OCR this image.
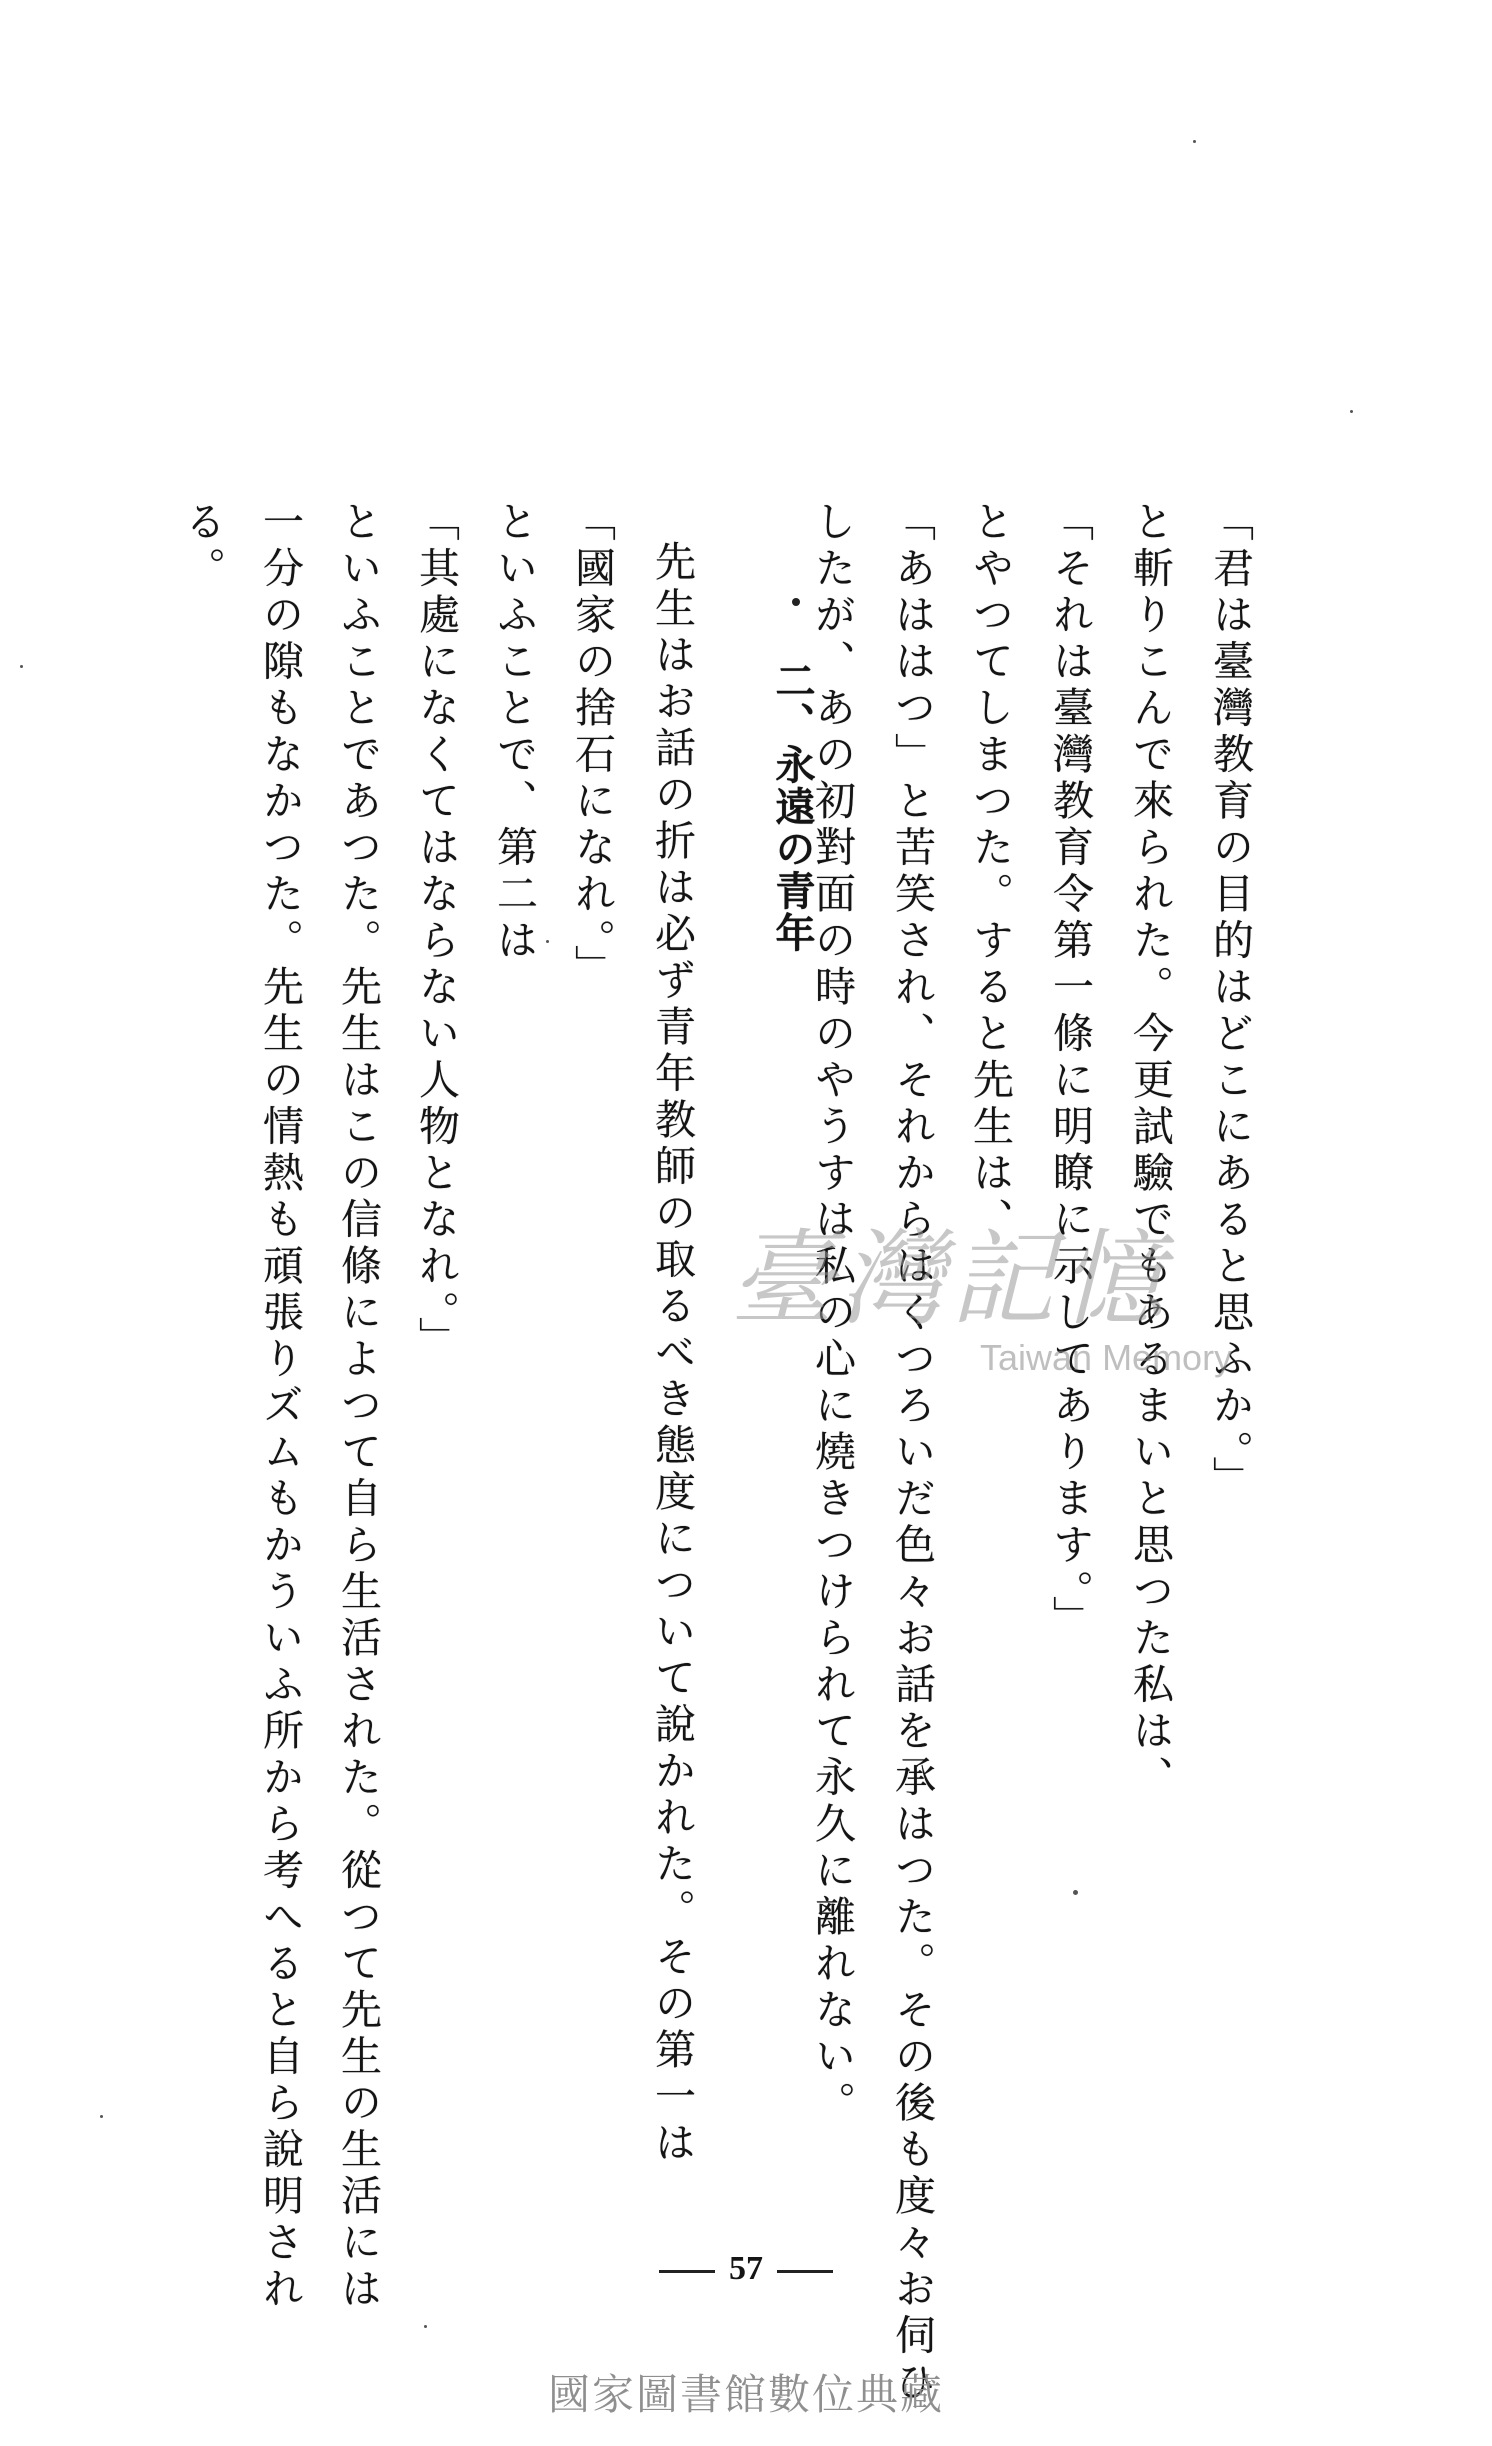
「君は臺灣教育の目的はどこにあると思ふか。」
と斬りこんで來られた。今更試驗でもあるまいと思つた私は、
「それは臺灣教育令第一條に明瞭に示してあります。」
とやつてしまつた。すると先生は、
「あははつ」と苦笑され、それからはくつろいだ色々お話を承はつた。その後も度々お伺ひ
したが、あの初對面の時のやうすは私の心に燒きつけられて永久に離れない。
二、永遠の青年
先生はお話の折は必ず青年教師の取るべき態度について說かれた。その第一は
「國家の捨石になれ。」
といふことで、第二は
「其處になくてはならない人物となれ。」
といふことであつた。先生はこの信條によつて自ら生活された。從つて先生の生活には
一分の隙もなかつた。先生の情熱も頑張りズムもかういふ所から考へると自ら說明され
る。
臺灣記憶
Taiwan Memory
57
國家圖書館數位典藏
